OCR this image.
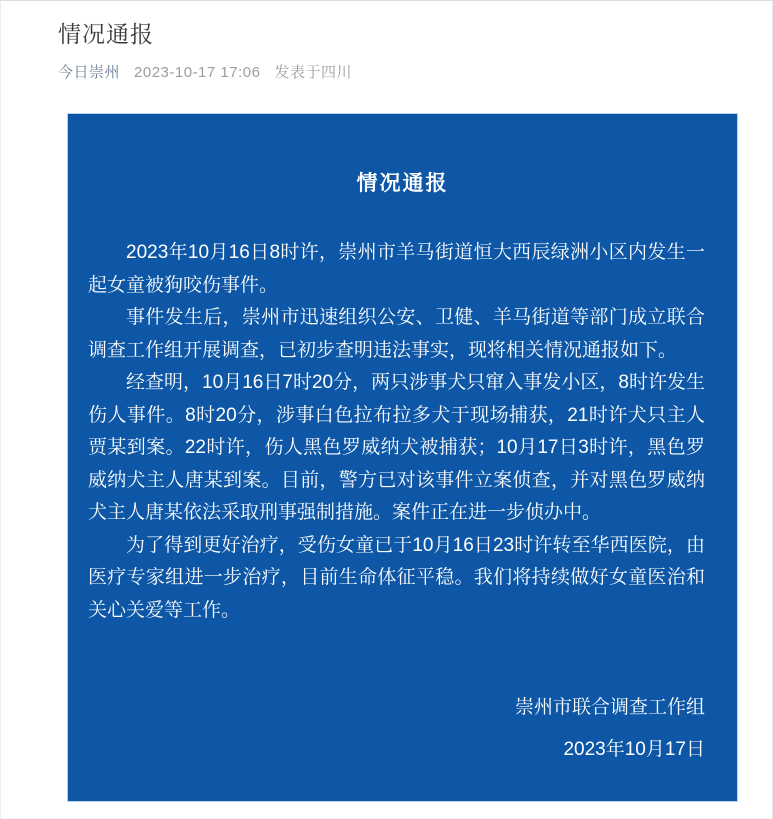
情况通报
今日崇州 2023-10-17 17:06 发表于四川
情况通报

2023年10月16日8时许，崇州市羊马街道恒大西辰绿洲小区内发生一起女童被狗咬伤事件。

事件发生后，崇州市迅速组织公安、卫健、羊马街道等部门成立联合调查工作组开展调查，已初步查明违法事实，现将相关情况通报如下。

经查明，10月16日7时20分，两只涉事犬只窜入事发小区，8时许发生伤人事件。8时20分，涉事白色拉布拉多犬于现场捕获，21时许犬只主人贾某到案。22时许，伤人黑色罗威纳犬被捕获；10月17日3时许，黑色罗威纳犬主人唐某到案。目前，警方已对该事件立案侦查，并对黑色罗威纳犬主人唐某依法采取刑事强制措施。案件正在进一步侦办中。

为了得到更好治疗，受伤女童已于10月16日23时许转至华西医院，由医疗专家组进一步治疗，目前生命体征平稳。我们将持续做好女童医治和关心关爱等工作。

崇州市联合调查工作组
2023年10月17日
